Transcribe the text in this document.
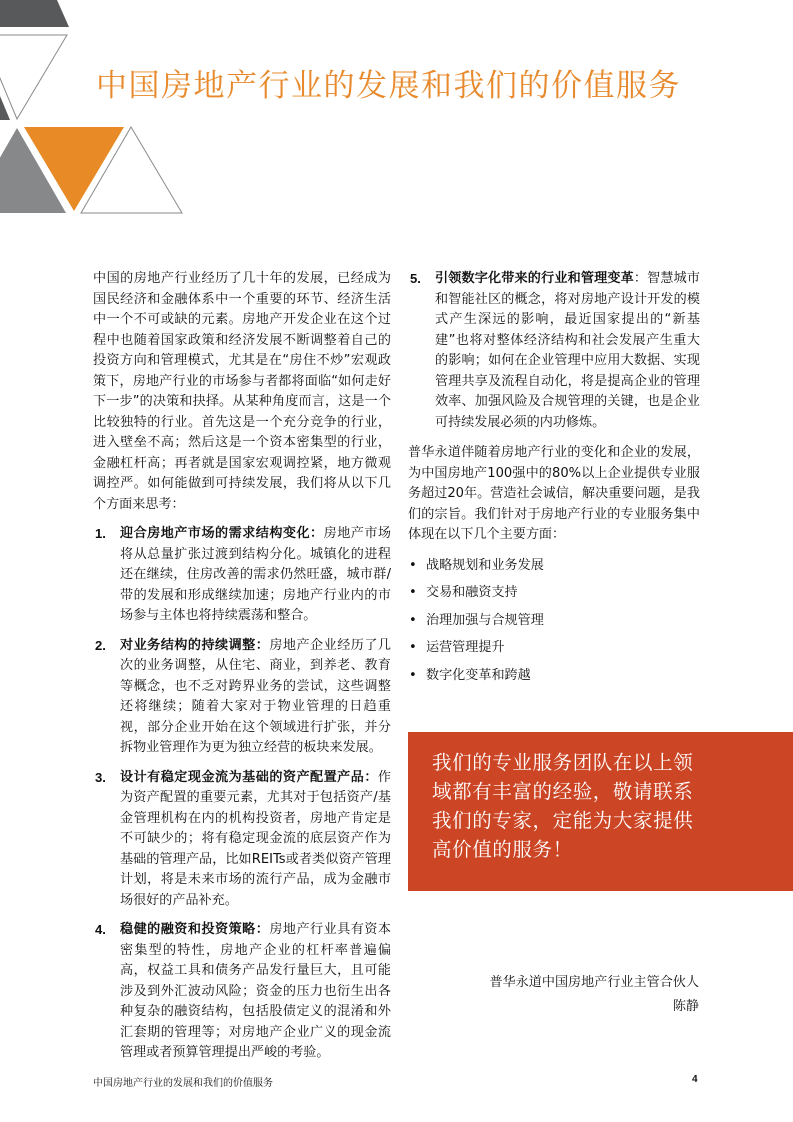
中国房地产行业的发展和我们的价值服务

中国的房地产行业经历了几十年的发展，已经成为国民经济和金融体系中一个重要的环节、经济生活中一个不可或缺的元素。房地产开发企业在这个过程中也随着国家政策和经济发展不断调整着自己的投资方向和管理模式，尤其是在“房住不炒”宏观政策下，房地产行业的市场参与者都将面临“如何走好下一步”的决策和抉择。从某种角度而言，这是一个比较独特的行业。首先这是一个充分竞争的行业，进入壁垒不高；然后这是一个资本密集型的行业，金融杠杆高；再者就是国家宏观调控紧，地方微观调控严。如何能做到可持续发展，我们将从以下几个方面来思考：

1. 迎合房地产市场的需求结构变化：房地产市场将从总量扩张过渡到结构分化。城镇化的进程还在继续，住房改善的需求仍然旺盛，城市群/带的发展和形成继续加速；房地产行业内的市场参与主体也将持续震荡和整合。
2. 对业务结构的持续调整：房地产企业经历了几次的业务调整，从住宅、商业，到养老、教育等概念，也不乏对跨界业务的尝试，这些调整还将继续；随着大家对于物业管理的日趋重视，部分企业开始在这个领域进行扩张，并分拆物业管理作为更为独立经营的板块来发展。
3. 设计有稳定现金流为基础的资产配置产品：作为资产配置的重要元素，尤其对于包括资产/基金管理机构在内的机构投资者，房地产肯定是不可缺少的；将有稳定现金流的底层资产作为基础的管理产品，比如REITs或者类似资产管理计划，将是未来市场的流行产品，成为金融市场很好的产品补充。
4. 稳健的融资和投资策略：房地产行业具有资本密集型的特性，房地产企业的杠杆率普遍偏高，权益工具和债务产品发行量巨大，且可能涉及到外汇波动风险；资金的压力也衍生出各种复杂的融资结构，包括股债定义的混淆和外汇套期的管理等；对房地产企业广义的现金流管理或者预算管理提出严峻的考验。
5. 引领数字化带来的行业和管理变革：智慧城市和智能社区的概念，将对房地产设计开发的模式产生深远的影响，最近国家提出的“新基建”也将对整体经济结构和社会发展产生重大的影响；如何在企业管理中应用大数据、实现管理共享及流程自动化，将是提高企业的管理效率、加强风险及合规管理的关键，也是企业可持续发展必须的内功修炼。

普华永道伴随着房地产行业的变化和企业的发展，为中国房地产100强中的80%以上企业提供专业服务超过20年。营造社会诚信，解决重要问题，是我们的宗旨。我们针对于房地产行业的专业服务集中体现在以下几个主要方面：

• 战略规划和业务发展
• 交易和融资支持
• 治理加强与合规管理
• 运营管理提升
• 数字化变革和跨越

我们的专业服务团队在以上领域都有丰富的经验，敬请联系我们的专家，定能为大家提供高价值的服务！

普华永道中国房地产行业主管合伙人
陈静
中国房地产行业的发展和我们的价值服务	4
